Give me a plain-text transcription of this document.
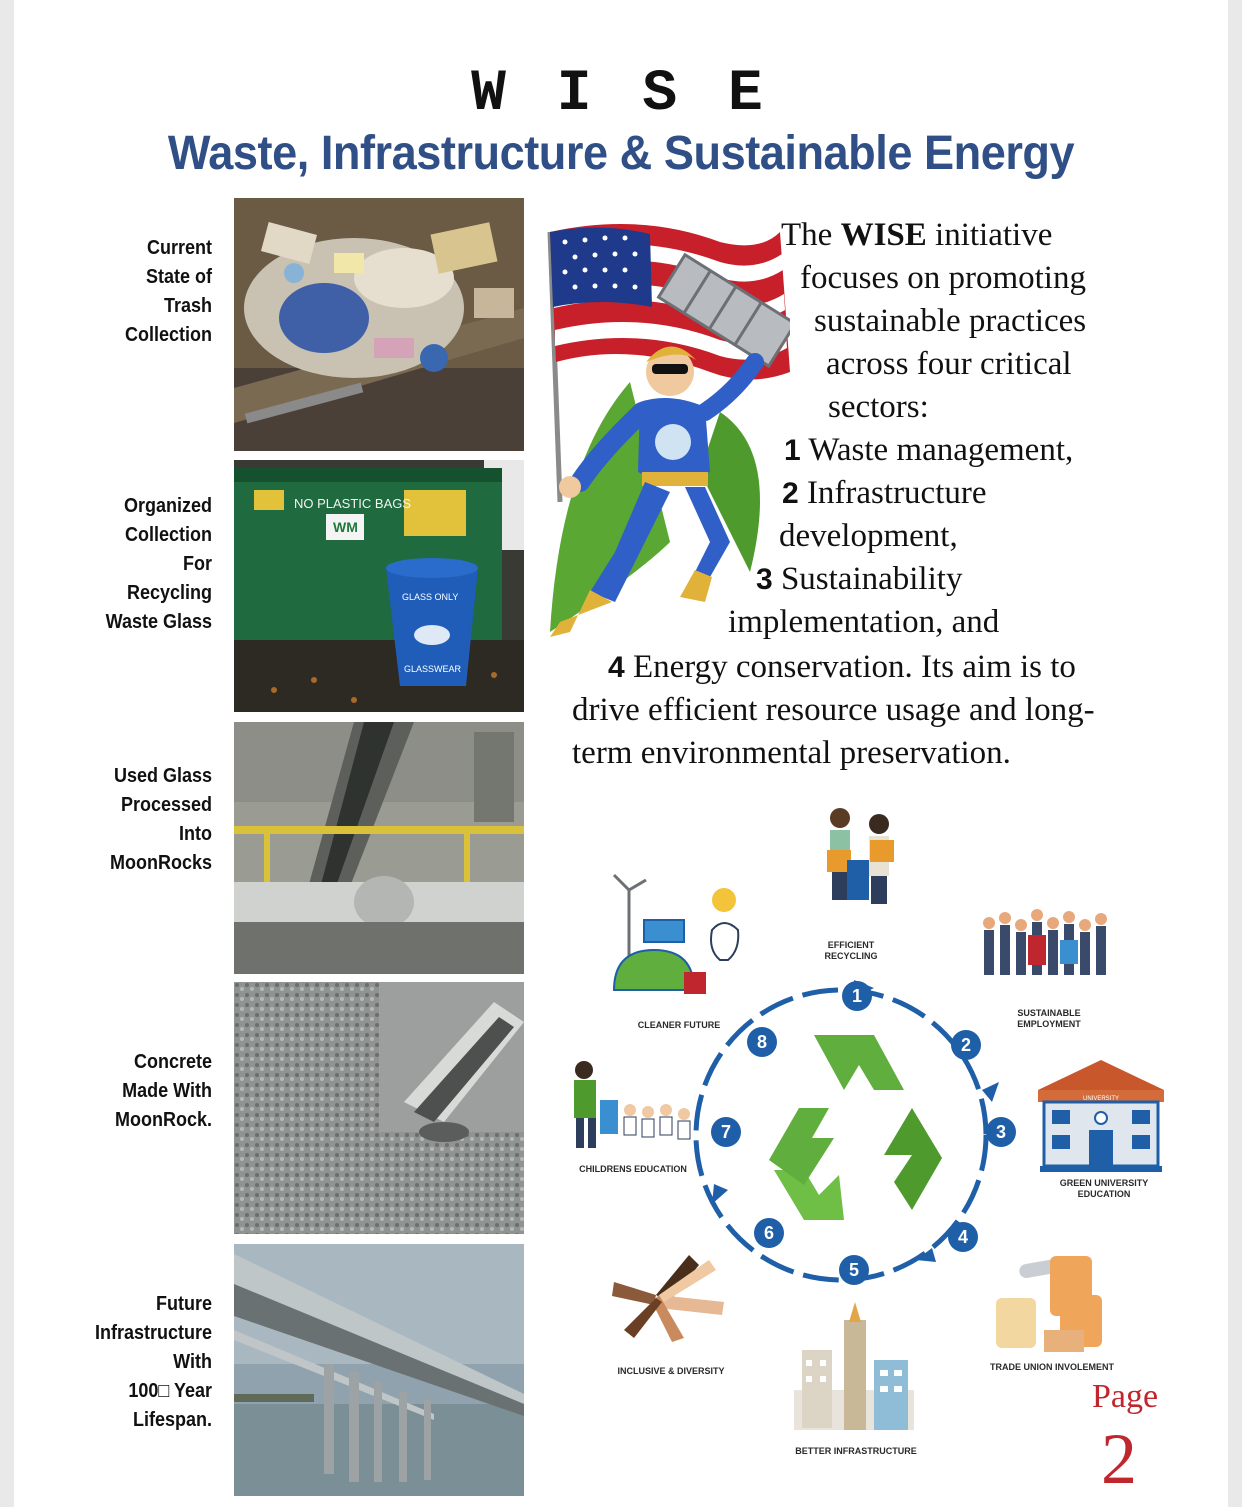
W I S E
Waste, Infrastructure & Sustainable Energy
Current
State of
Trash
Collection
Organized
Collection
For
Recycling
Waste Glass
Used Glass
Processed
Into
MoonRocks
Concrete
Made With
MoonRock.
Future
Infrastructure
With
100□ Year
Lifespan.
NO PLASTIC BAGS
WM
GLASS ONLY
GLASSWEAR
The WISE initiative
focuses on promoting
sustainable practices
across four critical
sectors:
1 Waste management,
2 Infrastructure
development,
3 Sustainability
implementation, and
4 Energy conservation. Its aim is to
drive efficient resource usage and long-
term environmental preservation.
1
2
3
4
5
6
7
8
UNIVERSITY
EFFICIENT
RECYCLING
SUSTAINABLE
EMPLOYMENT
GREEN UNIVERSITY
EDUCATION
TRADE UNION INVOLEMENT
BETTER INFRASTRUCTURE
INCLUSIVE & DIVERSITY
CHILDRENS EDUCATION
CLEANER FUTURE
Page
2
